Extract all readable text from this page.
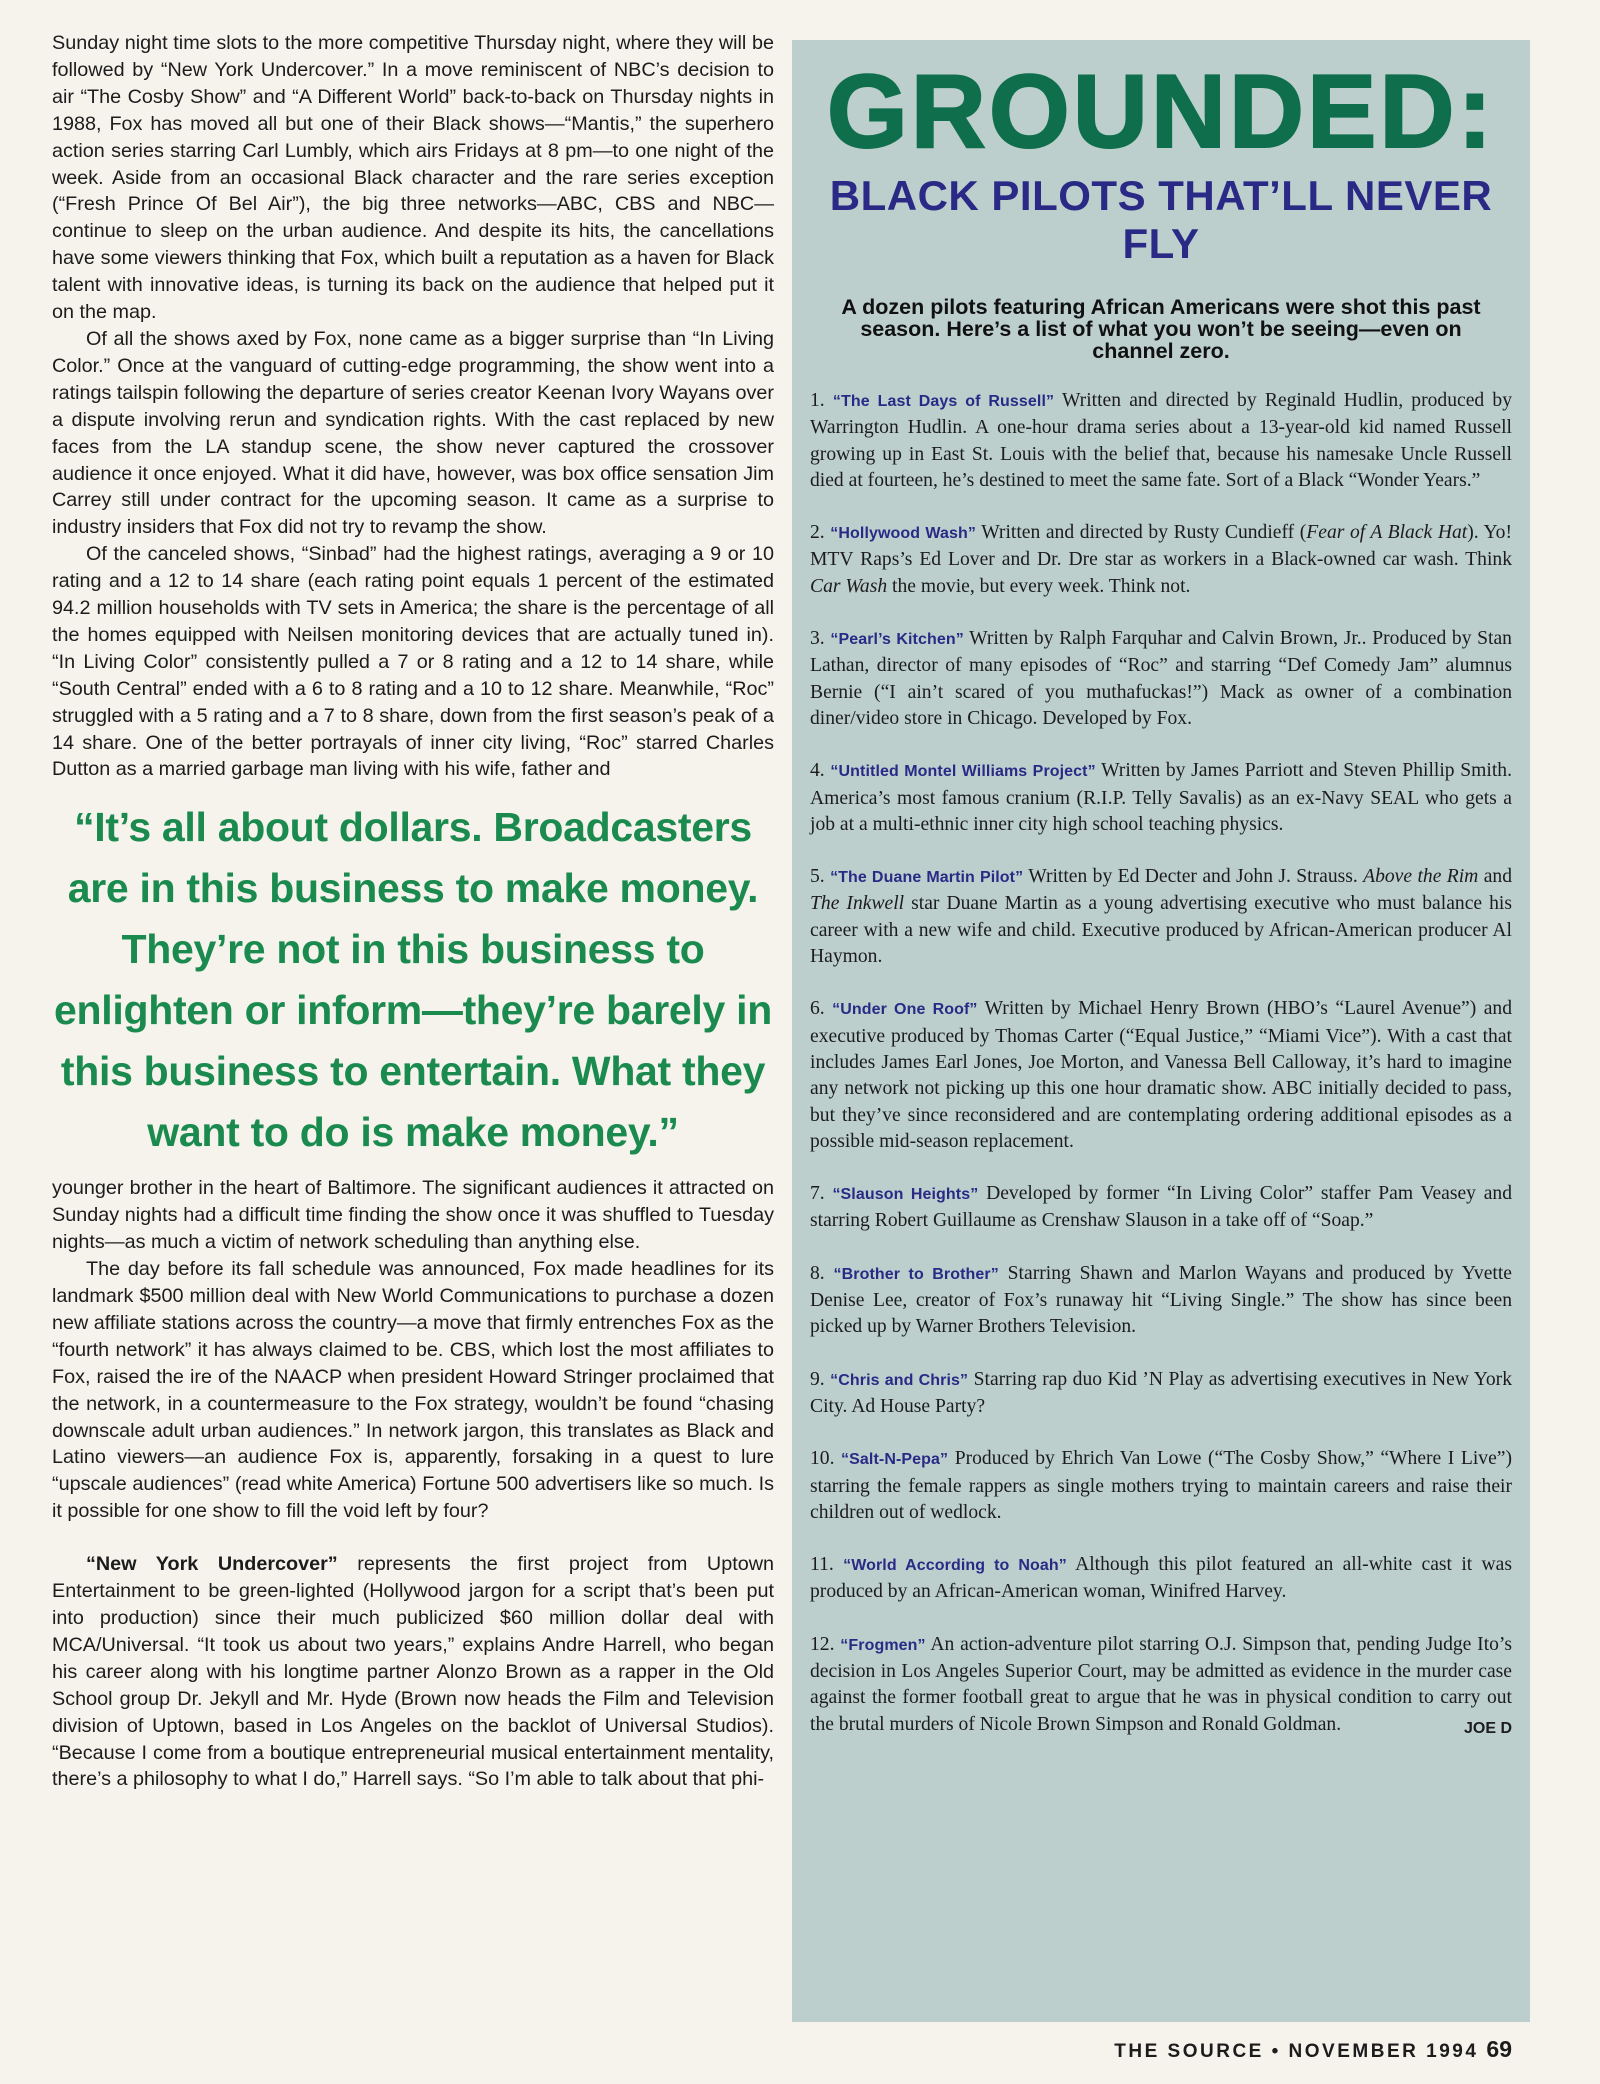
Sunday night time slots to the more competitive Thursday night, where they will be followed by “New York Undercover.” In a move reminiscent of NBC’s decision to air “The Cosby Show” and “A Different World” back-to-back on Thursday nights in 1988, Fox has moved all but one of their Black shows—“Mantis,” the superhero action series starring Carl Lumbly, which airs Fridays at 8 pm—to one night of the week. Aside from an occasional Black character and the rare series exception (“Fresh Prince Of Bel Air”), the big three networks—ABC, CBS and NBC—continue to sleep on the urban audience. And despite its hits, the cancellations have some viewers thinking that Fox, which built a reputation as a haven for Black talent with innovative ideas, is turning its back on the audience that helped put it on the map.

Of all the shows axed by Fox, none came as a bigger surprise than “In Living Color.” Once at the vanguard of cutting-edge programming, the show went into a ratings tailspin following the departure of series creator Keenan Ivory Wayans over a dispute involving rerun and syndication rights. With the cast replaced by new faces from the LA standup scene, the show never captured the crossover audience it once enjoyed. What it did have, however, was box office sensation Jim Carrey still under contract for the upcoming season. It came as a surprise to industry insiders that Fox did not try to revamp the show.

Of the canceled shows, “Sinbad” had the highest ratings, averaging a 9 or 10 rating and a 12 to 14 share (each rating point equals 1 percent of the estimated 94.2 million households with TV sets in America; the share is the percentage of all the homes equipped with Neilsen monitoring devices that are actually tuned in). “In Living Color” consistently pulled a 7 or 8 rating and a 12 to 14 share, while “South Central” ended with a 6 to 8 rating and a 10 to 12 share. Meanwhile, “Roc” struggled with a 5 rating and a 7 to 8 share, down from the first season’s peak of a 14 share. One of the better portrayals of inner city living, “Roc” starred Charles Dutton as a married garbage man living with his wife, father and

“It’s all about dollars. Broadcasters are in this business to make money. They’re not in this business to enlighten or inform—they’re barely in this business to entertain. What they want to do is make money.”

younger brother in the heart of Baltimore. The significant audiences it attracted on Sunday nights had a difficult time finding the show once it was shuffled to Tuesday nights—as much a victim of network scheduling than anything else.

The day before its fall schedule was announced, Fox made headlines for its landmark $500 million deal with New World Communications to purchase a dozen new affiliate stations across the country—a move that firmly entrenches Fox as the “fourth network” it has always claimed to be. CBS, which lost the most affiliates to Fox, raised the ire of the NAACP when president Howard Stringer proclaimed that the network, in a countermeasure to the Fox strategy, wouldn’t be found “chasing downscale adult urban audiences.” In network jargon, this translates as Black and Latino viewers—an audience Fox is, apparently, forsaking in a quest to lure “upscale audiences” (read white America) Fortune 500 advertisers like so much. Is it possible for one show to fill the void left by four?

“New York Undercover” represents the first project from Uptown Entertainment to be green-lighted (Hollywood jargon for a script that’s been put into production) since their much publicized $60 million dollar deal with MCA/Universal. “It took us about two years,” explains Andre Harrell, who began his career along with his longtime partner Alonzo Brown as a rapper in the Old School group Dr. Jekyll and Mr. Hyde (Brown now heads the Film and Television division of Uptown, based in Los Angeles on the backlot of Universal Studios). “Because I come from a boutique entrepreneurial musical entertainment mentality, there’s a philosophy to what I do,” Harrell says. “So I’m able to talk about that phi-

GROUNDED:
BLACK PILOTS THAT’LL NEVER FLY
A dozen pilots featuring African Americans were shot this past season. Here’s a list of what you won’t be seeing—even on channel zero.

1. “The Last Days of Russell” Written and directed by Reginald Hudlin, produced by Warrington Hudlin. A one-hour drama series about a 13-year-old kid named Russell growing up in East St. Louis with the belief that, because his namesake Uncle Russell died at fourteen, he’s destined to meet the same fate. Sort of a Black “Wonder Years.”

2. “Hollywood Wash” Written and directed by Rusty Cundieff (Fear of A Black Hat). Yo! MTV Raps’s Ed Lover and Dr. Dre star as workers in a Black-owned car wash. Think Car Wash the movie, but every week. Think not.

3. “Pearl’s Kitchen” Written by Ralph Farquhar and Calvin Brown, Jr.. Produced by Stan Lathan, director of many episodes of “Roc” and starring “Def Comedy Jam” alumnus Bernie (“I ain’t scared of you muthafuckas!”) Mack as owner of a combination diner/video store in Chicago. Developed by Fox.

4. “Untitled Montel Williams Project” Written by James Parriott and Steven Phillip Smith. America’s most famous cranium (R.I.P. Telly Savalis) as an ex-Navy SEAL who gets a job at a multi-ethnic inner city high school teaching physics.

5. “The Duane Martin Pilot” Written by Ed Decter and John J. Strauss. Above the Rim and The Inkwell star Duane Martin as a young advertising executive who must balance his career with a new wife and child. Executive produced by African-American producer Al Haymon.

6. “Under One Roof” Written by Michael Henry Brown (HBO’s “Laurel Avenue”) and executive produced by Thomas Carter (“Equal Justice,” “Miami Vice”). With a cast that includes James Earl Jones, Joe Morton, and Vanessa Bell Calloway, it’s hard to imagine any network not picking up this one hour dramatic show. ABC initially decided to pass, but they’ve since reconsidered and are contemplating ordering additional episodes as a possible mid-season replacement.

7. “Slauson Heights” Developed by former “In Living Color” staffer Pam Veasey and starring Robert Guillaume as Crenshaw Slauson in a take off of “Soap.”

8. “Brother to Brother” Starring Shawn and Marlon Wayans and produced by Yvette Denise Lee, creator of Fox’s runaway hit “Living Single.” The show has since been picked up by Warner Brothers Television.

9. “Chris and Chris” Starring rap duo Kid ’N Play as advertising executives in New York City. Ad House Party?

10. “Salt-N-Pepa” Produced by Ehrich Van Lowe (“The Cosby Show,” “Where I Live”) starring the female rappers as single mothers trying to maintain careers and raise their children out of wedlock.

11. “World According to Noah” Although this pilot featured an all-white cast it was produced by an African-American woman, Winifred Harvey.

12. “Frogmen” An action-adventure pilot starring O.J. Simpson that, pending Judge Ito’s decision in Los Angeles Superior Court, may be admitted as evidence in the murder case against the former football great to argue that he was in physical condition to carry out the brutal murders of Nicole Brown Simpson and Ronald Goldman.	JOE D

THE SOURCE • NOVEMBER 1994 69
